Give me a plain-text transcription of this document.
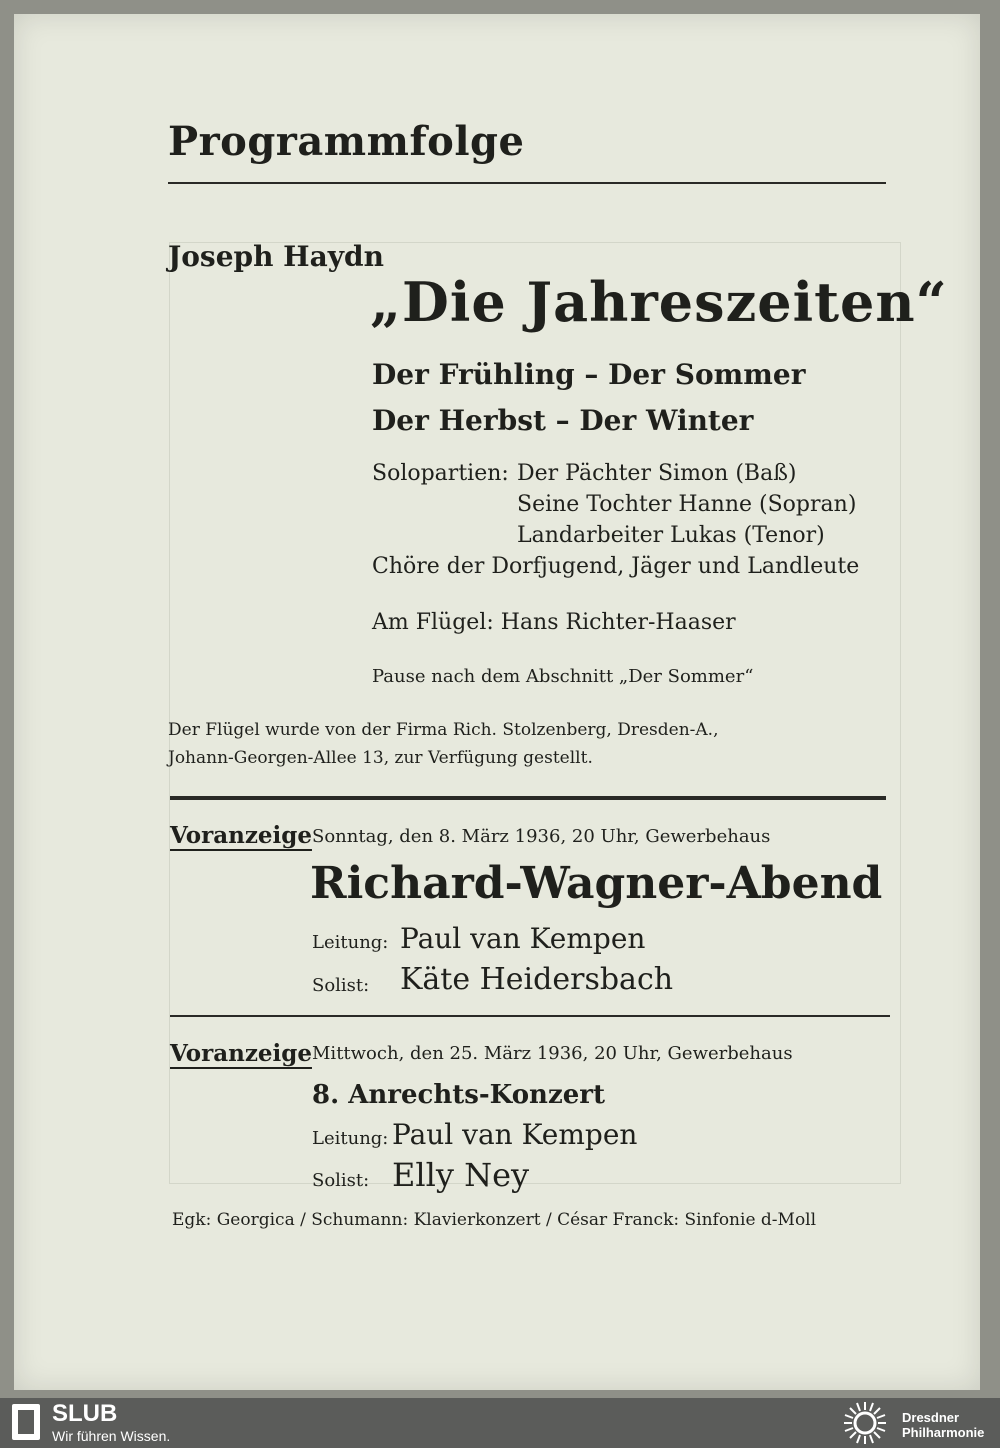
Programmfolge
Joseph Haydn
„Die Jahreszeiten“
Der Frühling – Der Sommer
Der Herbst – Der Winter
Solopartien: Der Pächter Simon (Baß)
Seine Tochter Hanne (Sopran)
Landarbeiter Lukas (Tenor)
Chöre der Dorfjugend, Jäger und Landleute
Am Flügel: Hans Richter-Haaser
Pause nach dem Abschnitt „Der Sommer“
Der Flügel wurde von der Firma Rich. Stolzenberg, Dresden-A.,
Johann-Georgen-Allee 13, zur Verfügung gestellt.
Voranzeige Sonntag, den 8. März 1936, 20 Uhr, Gewerbehaus
Richard-Wagner-Abend
Leitung: Paul van Kempen
Solist: Käte Heidersbach
Voranzeige Mittwoch, den 25. März 1936, 20 Uhr, Gewerbehaus
8. Anrechts-Konzert
Leitung: Paul van Kempen
Solist: Elly Ney
Egk: Georgica / Schumann: Klavierkonzert / César Franck: Sinfonie d-Moll
SLUB
Wir führen Wissen.
Dresdner
Philharmonie
